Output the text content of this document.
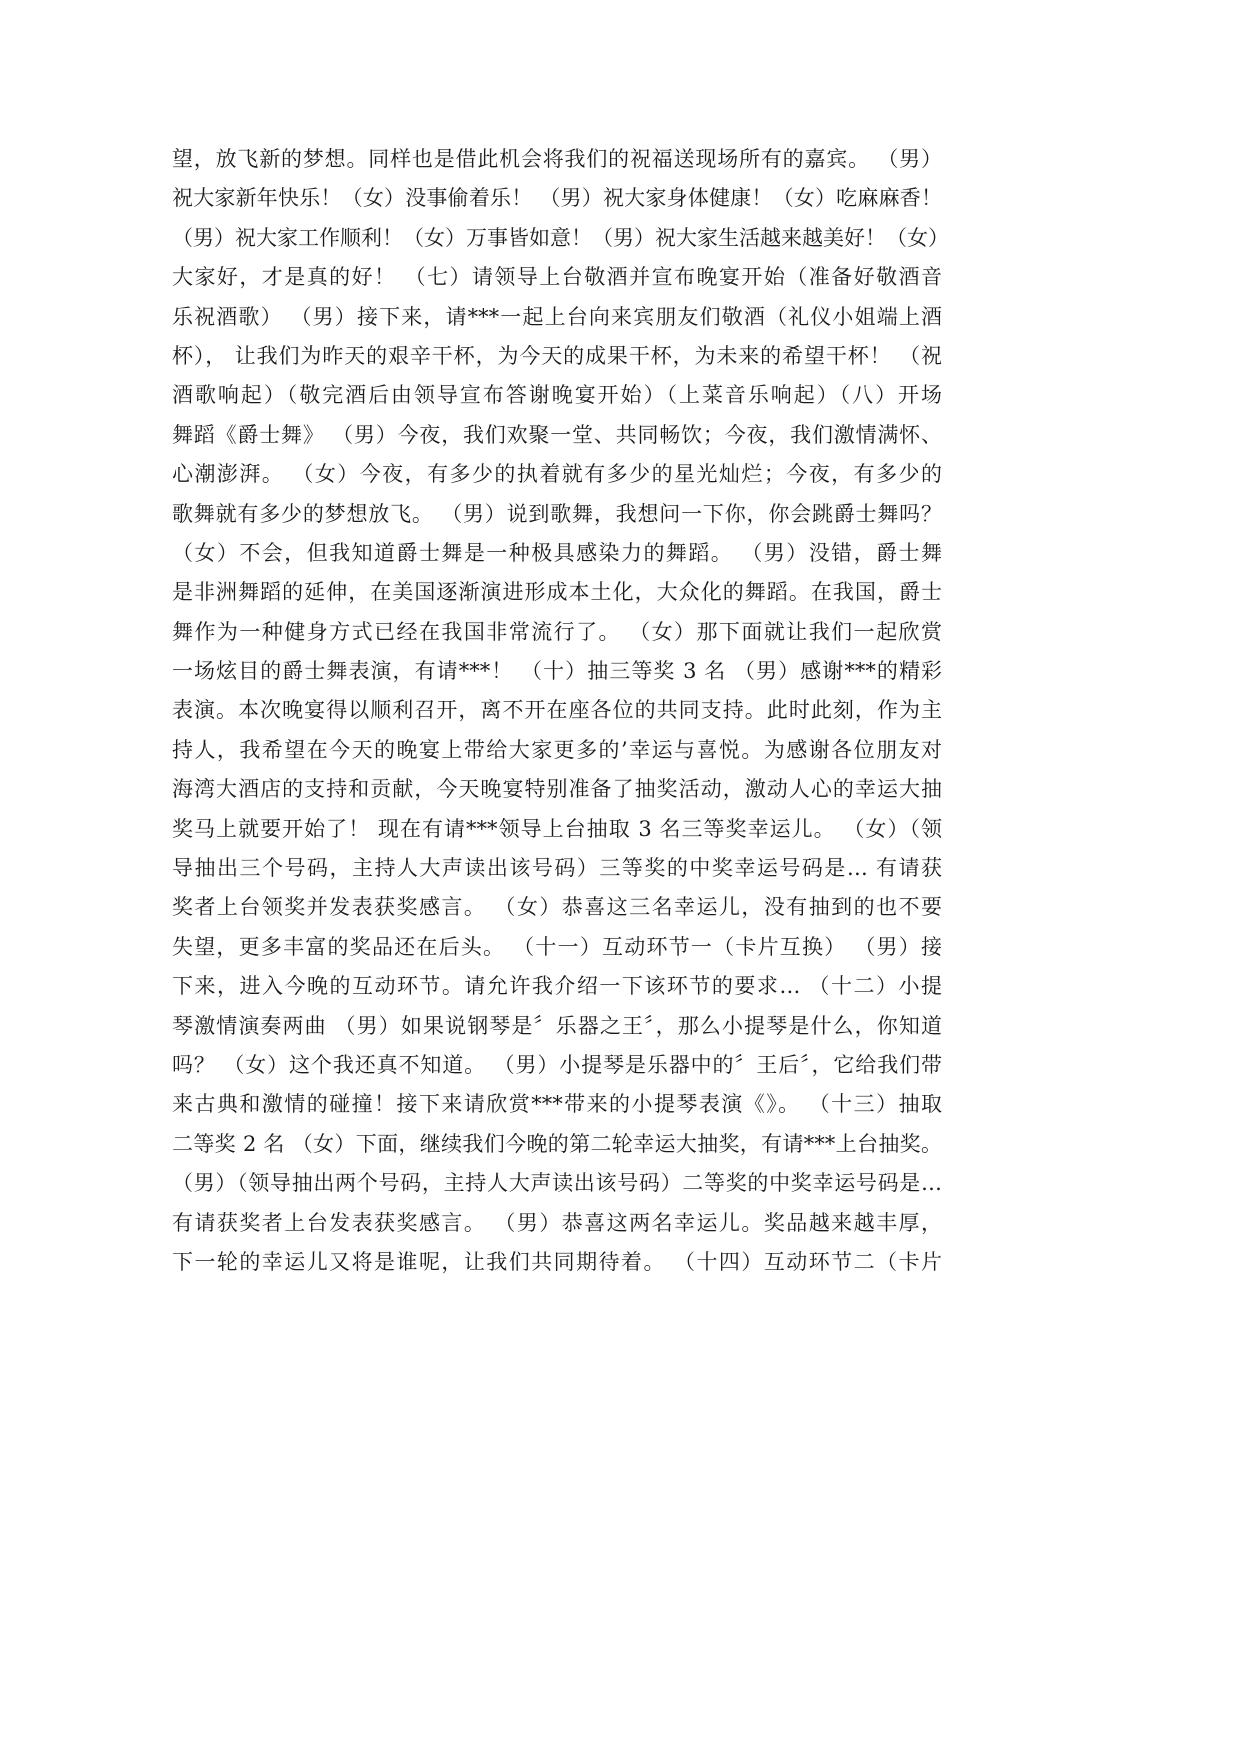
望，放飞新的梦想。同样也是借此机会将我们的祝福送现场所有的嘉宾。 （男）
祝大家新年快乐！（女）没事偷着乐！ （男）祝大家身体健康！（女）吃麻麻香！
（男）祝大家工作顺利！（女）万事皆如意！（男）祝大家生活越来越美好！（女）
大家好，才是真的好！ （七）请领导上台敬酒并宣布晚宴开始（准备好敬酒音
乐祝酒歌） （男）接下来，请***一起上台向来宾朋友们敬酒（礼仪小姐端上酒
杯）， 让我们为昨天的艰辛干杯，为今天的成果干杯，为未来的希望干杯！ （祝
酒歌响起）（敬完酒后由领导宣布答谢晚宴开始）（上菜音乐响起）（八）开场
舞蹈《爵士舞》 （男）今夜，我们欢聚一堂、共同畅饮；今夜，我们激情满怀、
心潮澎湃。 （女）今夜，有多少的执着就有多少的星光灿烂；今夜，有多少的
歌舞就有多少的梦想放飞。 （男）说到歌舞，我想问一下你，你会跳爵士舞吗？
（女）不会，但我知道爵士舞是一种极具感染力的舞蹈。 （男）没错，爵士舞
是非洲舞蹈的延伸，在美国逐渐演进形成本土化，大众化的舞蹈。在我国，爵士
舞作为一种健身方式已经在我国非常流行了。 （女）那下面就让我们一起欣赏
一场炫目的爵士舞表演，有请***！ （十）抽三等奖 3 名 （男）感谢***的精彩
表演。本次晚宴得以顺利召开，离不开在座各位的共同支持。此时此刻，作为主
持人，我希望在今天的晚宴上带给大家更多的’幸运与喜悦。为感谢各位朋友对
海湾大酒店的支持和贡献，今天晚宴特别准备了抽奖活动，激动人心的幸运大抽
奖马上就要开始了！ 现在有请***领导上台抽取 3 名三等奖幸运儿。 （女）（领
导抽出三个号码，主持人大声读出该号码）三等奖的中奖幸运号码是… 有请获
奖者上台领奖并发表获奖感言。 （女）恭喜这三名幸运儿，没有抽到的也不要
失望，更多丰富的奖品还在后头。 （十一）互动环节一（卡片互换） （男）接
下来，进入今晚的互动环节。请允许我介绍一下该环节的要求… （十二）小提
琴激情演奏两曲 （男）如果说钢琴是〞乐器之王〞，那么小提琴是什么，你知道
吗？ （女）这个我还真不知道。 （男）小提琴是乐器中的〞王后〞，它给我们带
来古典和激情的碰撞！接下来请欣赏***带来的小提琴表演《》。 （十三）抽取
二等奖 2 名 （女）下面，继续我们今晚的第二轮幸运大抽奖，有请***上台抽奖。
（男）（领导抽出两个号码，主持人大声读出该号码）二等奖的中奖幸运号码是…
有请获奖者上台发表获奖感言。 （男）恭喜这两名幸运儿。奖品越来越丰厚，
下一轮的幸运儿又将是谁呢，让我们共同期待着。 （十四）互动环节二（卡片
